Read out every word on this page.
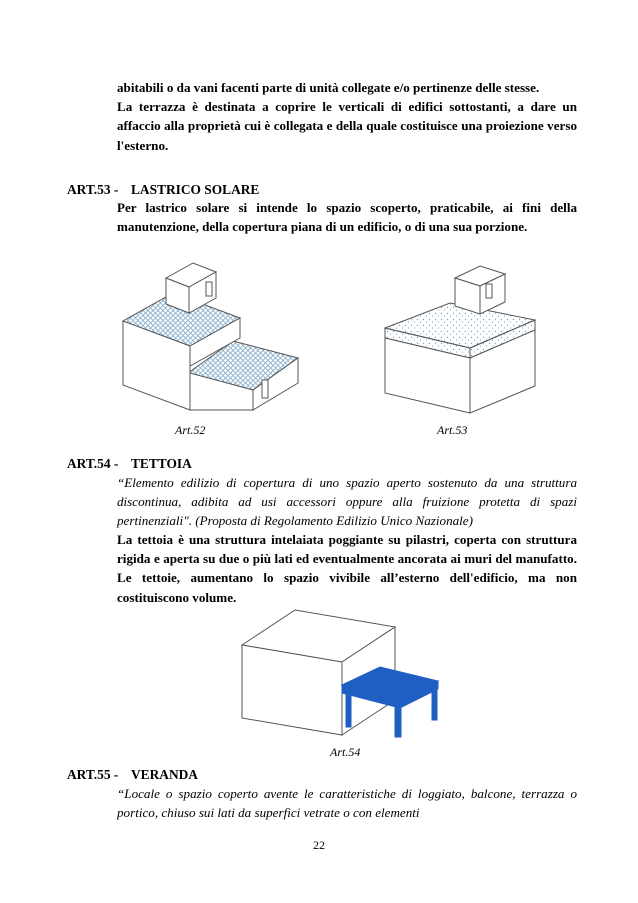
abitabili o da vani facenti parte di unità collegate e/o pertinenze delle stesse.

La terrazza è destinata a coprire le verticali di edifici sottostanti, a dare un affaccio alla proprietà cui è collegata e della quale costituisce una proiezione verso l'esterno.

ART.53 - LASTRICO SOLARE
Per lastrico solare si intende lo spazio scoperto, praticabile, ai fini della manutenzione, della copertura piana di un edificio, o di una sua porzione.
Art.52	Art.53
ART.54 - TETTOIA
“Elemento edilizio di copertura di uno spazio aperto sostenuto da una struttura discontinua, adibita ad usi accessori oppure alla fruizione protetta di spazi pertinenziali". (Proposta di Regolamento Edilizio Unico Nazionale)
La tettoia è una struttura intelaiata poggiante su pilastri, coperta con struttura rigida e aperta su due o più lati ed eventualmente ancorata ai muri del manufatto. Le tettoie, aumentano lo spazio vivibile all’esterno dell'edificio, ma non costituiscono volume.
Art.54
ART.55 - VERANDA
“Locale o spazio coperto avente le caratteristiche di loggiato, balcone, terrazza o portico, chiuso sui lati da superfici vetrate o con elementi
22
